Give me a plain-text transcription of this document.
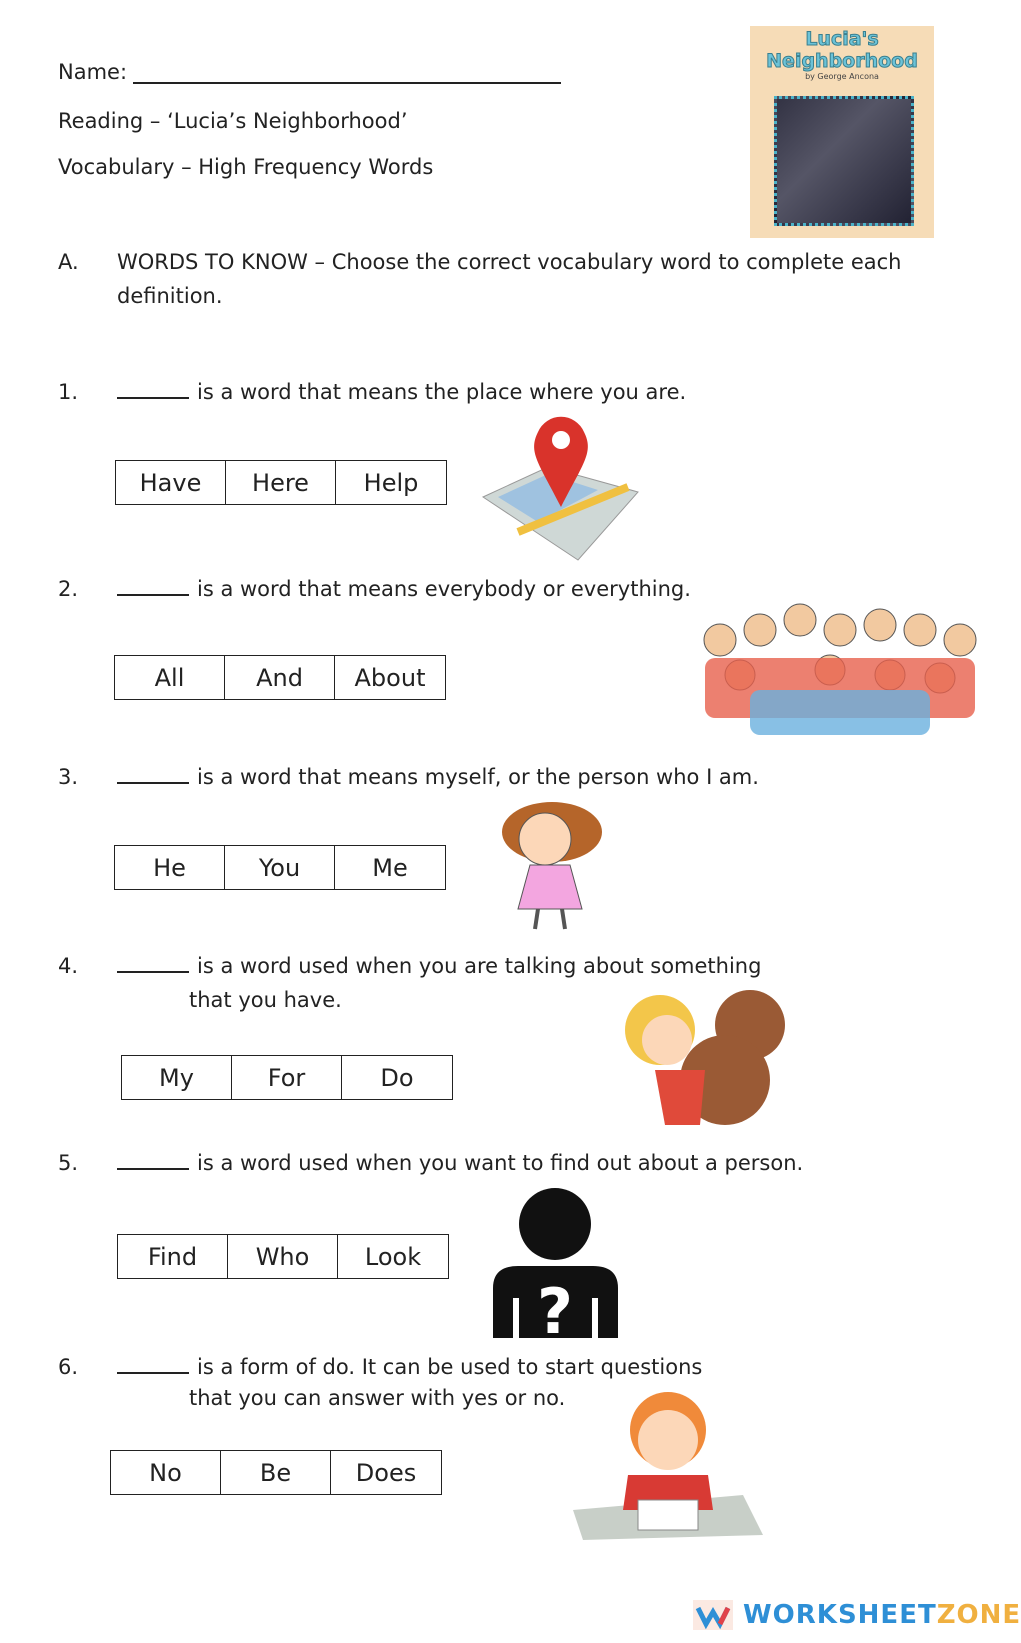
Name:
Reading – ‘Lucia’s Neighborhood’
Vocabulary – High Frequency Words
Lucia's
Neighborhood
by George Ancona
A. WORDS TO KNOW – Choose the correct vocabulary word to complete each
definition.
1.	is a word that means the place where you are.
Have	Here	Help
2.	is a word that means everybody or everything.
All	And	About
3.	is a word that means myself, or the person who I am.
He	You	Me
4.	is a word used when you are talking about something
that you have.
My	For	Do
5.	is a word used when you want to find out about a person.
Find	Who	Look
?
6.	is a form of do. It can be used to start questions
that you can answer with yes or no.
No	Be	Does
WORKSHEET ZONE
